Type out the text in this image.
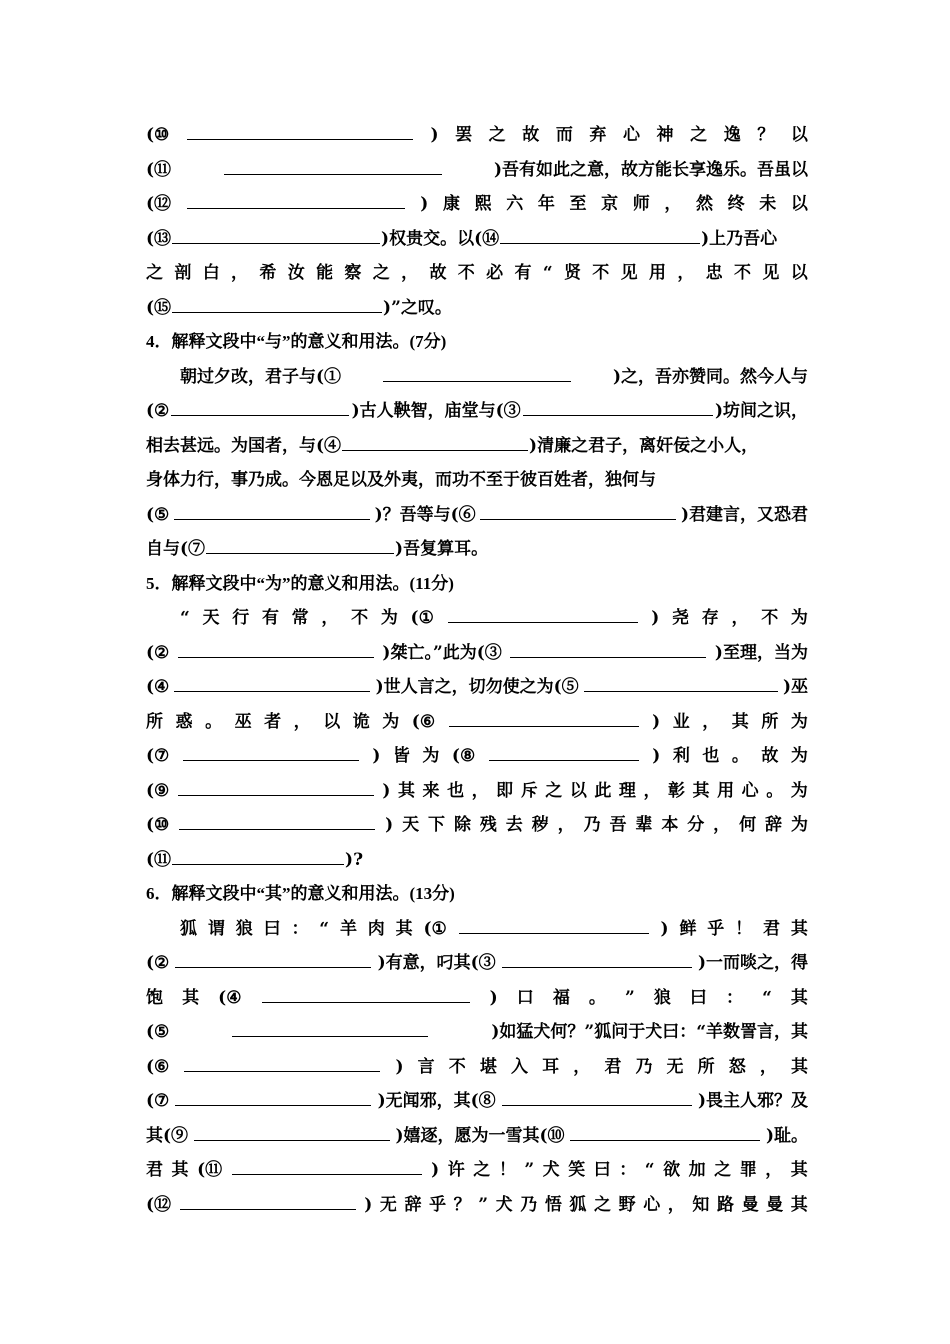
(⑩	) 罢 之 故 而 弃 心 神 之 逸 ？ 以
(⑪	)吾有如此之意，故方能长享逸乐。吾虽以
(⑫	) 康 熙 六 年 至 京 师 ， 然 终 未 以
(⑬	)权贵交。以(⑭	)上乃吾心
之 剖 白 ， 希 汝 能 察 之 ， 故 不 必 有 “ 贤 不 见 用 ， 忠 不 见 以
(⑮	)”之叹。
4．解释文段中“与”的意义和用法。(7分)
朝过夕改，君子与(①	)之，吾亦赞同。然今人与
(②	)古人鞅智，庙堂与(③	)坊间之识，
相去甚远。为国者，与(④	)清廉之君子，离奸佞之小人，
身体力行，事乃成。今恩足以及外夷，而功不至于彼百姓者，独何与
(⑤	)？吾等与(⑥	)君建言，又恐君
自与(⑦	)吾复算耳。
5．解释文段中“为”的意义和用法。(11分)
“ 天 行 有 常 ， 不 为 (①	) 尧 存 ， 不 为
(②	)桀亡。”此为(③	)至理，当为
(④	)世人言之，切勿使之为(⑤	)巫
所 惑 。 巫 者 ， 以 诡 为 (⑥	) 业 ， 其 所 为
(⑦	) 皆 为 (⑧	) 利 也 。 故 为
(⑨	) 其 来 也 ， 即 斥 之 以 此 理 ， 彰 其 用 心 。 为
(⑩	) 天 下 除 残 去 秽 ， 乃 吾 辈 本 分 ， 何 辞 为
(⑪	)?
6．解释文段中“其”的意义和用法。(13分)
狐 谓 狼 曰 ： “ 羊 肉 其 (①	) 鲜 乎 ！ 君 其
(②	)有意，叼其(③	)一而啖之，得
饱 其 (④	) 口 福 。 ” 狼 曰 ： “ 其
(⑤	)如猛犬何？”狐问于犬曰：“羊数詈言，其
(⑥	) 言 不 堪 入 耳 ， 君 乃 无 所 怒 ， 其
(⑦	)无闻邪，其(⑧	)畏主人邪？及
其(⑨	)嬉逐，愿为一雪其(⑩	)耻。
君 其 (⑪	) 许 之 ！ ” 犬 笑 曰 ： “ 欲 加 之 罪 ， 其
(⑫	) 无 辞 乎 ？ ” 犬 乃 悟 狐 之 野 心 ， 知 路 曼 曼 其
